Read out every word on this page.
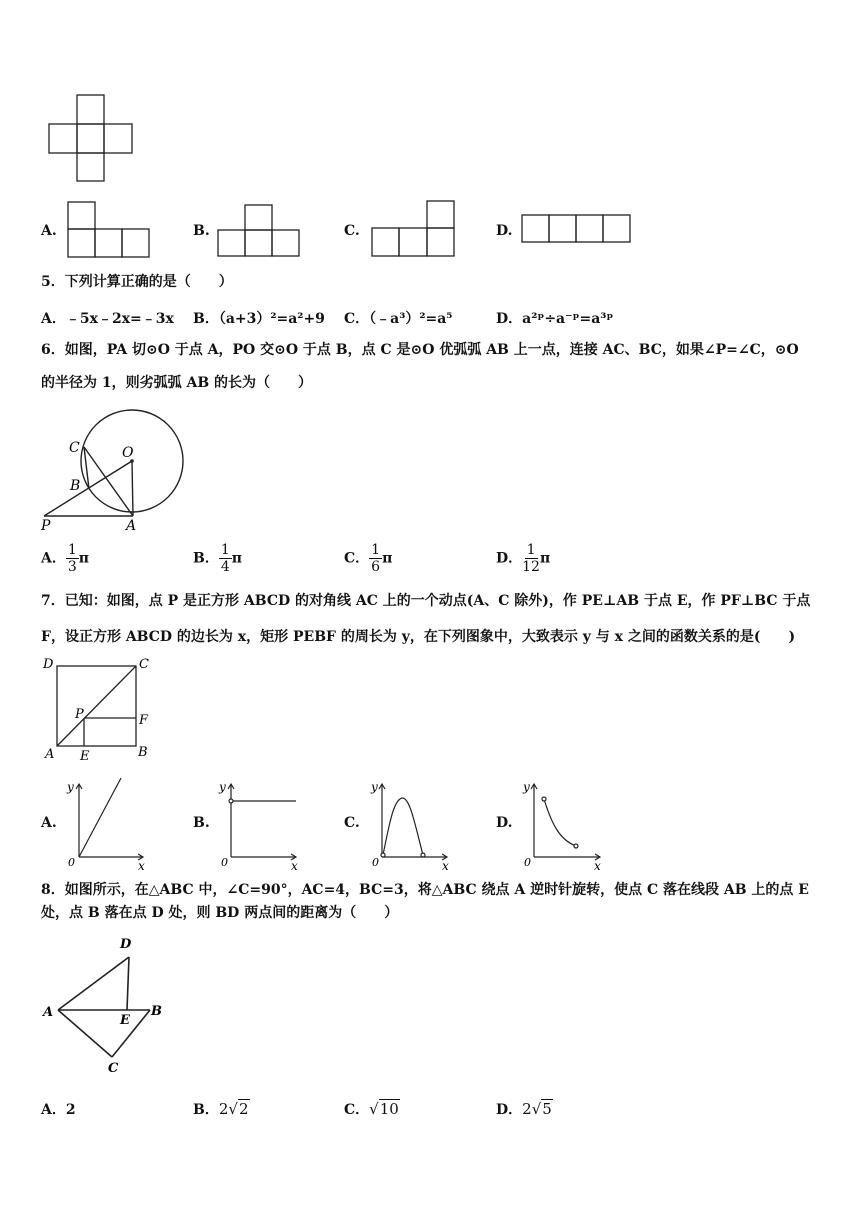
A.	B.	C.	D.
5．下列计算正确的是（　　）
A．﹣5x﹣2x=﹣3x B．（a+3）²=a²+9 C．（﹣a³）²=a⁵	D．a²ᵖ÷a⁻ᵖ=a³ᵖ
6．如图，PA 切⊙O 于点 A，PO 交⊙O 于点 B，点 C 是⊙O 优弧弧 AB 上一点，连接 AC、BC，如果∠P=∠C，⊙O
的半径为 1，则劣弧弧 AB 的长为（　　）
C	O
B
P	A
A． $\frac{1}{3}$ π	B． $\frac{1}{4}$ π	C． $\frac{1}{6}$ π	D． $\frac{1}{12}$ π
7．已知：如图，点 P 是正方形 ABCD 的对角线 AC 上的一个动点(A、C 除外)，作 PE⊥AB 于点 E，作 PF⊥BC 于点
F，设正方形 ABCD 的边长为 x，矩形 PEBF 的周长为 y，在下列图象中，大致表示 y 与 x 之间的函数关系的是(　　)
D	C
P	F
A E	B
A.
y
x
0
B.
y
x
0
C.
y
x
0
D.
y
x
0
8．如图所示，在△ABC 中，∠C=90°，AC=4，BC=3，将△ABC 绕点 A 逆时针旋转，使点 C 落在线段 AB 上的点 E
处，点 B 落在点 D 处，则 BD 两点间的距离为（　　）
D
A
E
B
C
A．2	B．2√2	C．√10	D．2√5
